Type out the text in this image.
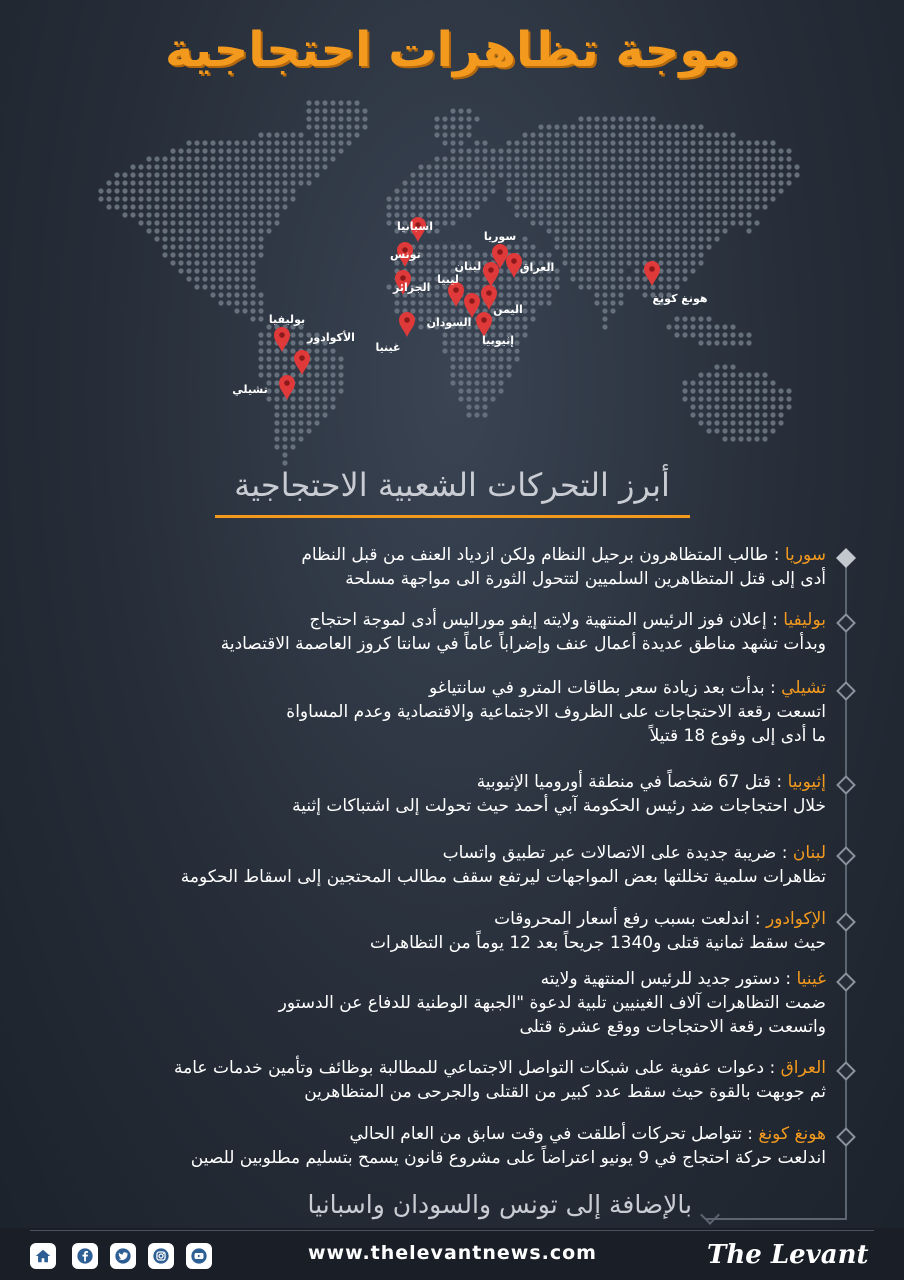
موجة تظاهرات احتجاجية
اسبانيا
تونس
الجزائر
غينيا
سوريا
لبنان	العراق
ليبيا
السودان
اليمن
إثيوبيا
هونغ كونغ
بوليفيا
الأكوادور
تشيلي
أبرز التحركات الشعبية الاحتجاجية
سوريا : طالب المتظاهرون برحيل النظام ولكن ازدياد العنف من قبل النظام
أدى إلى قتل المتظاهرين السلميين لتتحول الثورة الى مواجهة مسلحة
بوليفيا : إعلان فوز الرئيس المنتهية ولايته إيفو موراليس أدى لموجة احتجاج
وبدأت تشهد مناطق عديدة أعمال عنف وإضراباً عاماً في سانتا كروز العاصمة الاقتصادية
تشيلي : بدأت بعد زيادة سعر بطاقات المترو في سانتياغو
اتسعت رقعة الاحتجاجات على الظروف الاجتماعية والاقتصادية وعدم المساواة
ما أدى إلى وقوع 18 قتيلاً
إثيوبيا : قتل 67 شخصاً في منطقة أوروميا الإثيوبية
خلال احتجاجات ضد رئيس الحكومة آبي أحمد حيث تحولت إلى اشتباكات إثنية
لبنان : ضريبة جديدة على الاتصالات عبر تطبيق واتساب
تظاهرات سلمية تخللتها بعض المواجهات ليرتفع سقف مطالب المحتجين إلى اسقاط الحكومة
الإكوادور : اندلعت بسبب رفع أسعار المحروقات
حيث سقط ثمانية قتلى و1340 جريحاً بعد 12 يوماً من التظاهرات
غينيا : دستور جديد للرئيس المنتهية ولايته
ضمت التظاهرات آلاف الغينيين تلبية لدعوة "الجبهة الوطنية للدفاع عن الدستور
واتسعت رقعة الاحتجاجات ووقع عشرة قتلى
العراق : دعوات عفوية على شبكات التواصل الاجتماعي للمطالبة بوظائف وتأمين خدمات عامة
ثم جوبهت بالقوة حيث سقط عدد كبير من القتلى والجرحى من المتظاهرين
هونغ كونغ : تتواصل تحركات أطلقت في وقت سابق من العام الحالي
اندلعت حركة احتجاج في 9 يونيو اعتراضاً على مشروع قانون يسمح بتسليم مطلوبين للصين
بالإضافة إلى تونس والسودان واسبانيا
www.thelevantnews.com	The Levant
